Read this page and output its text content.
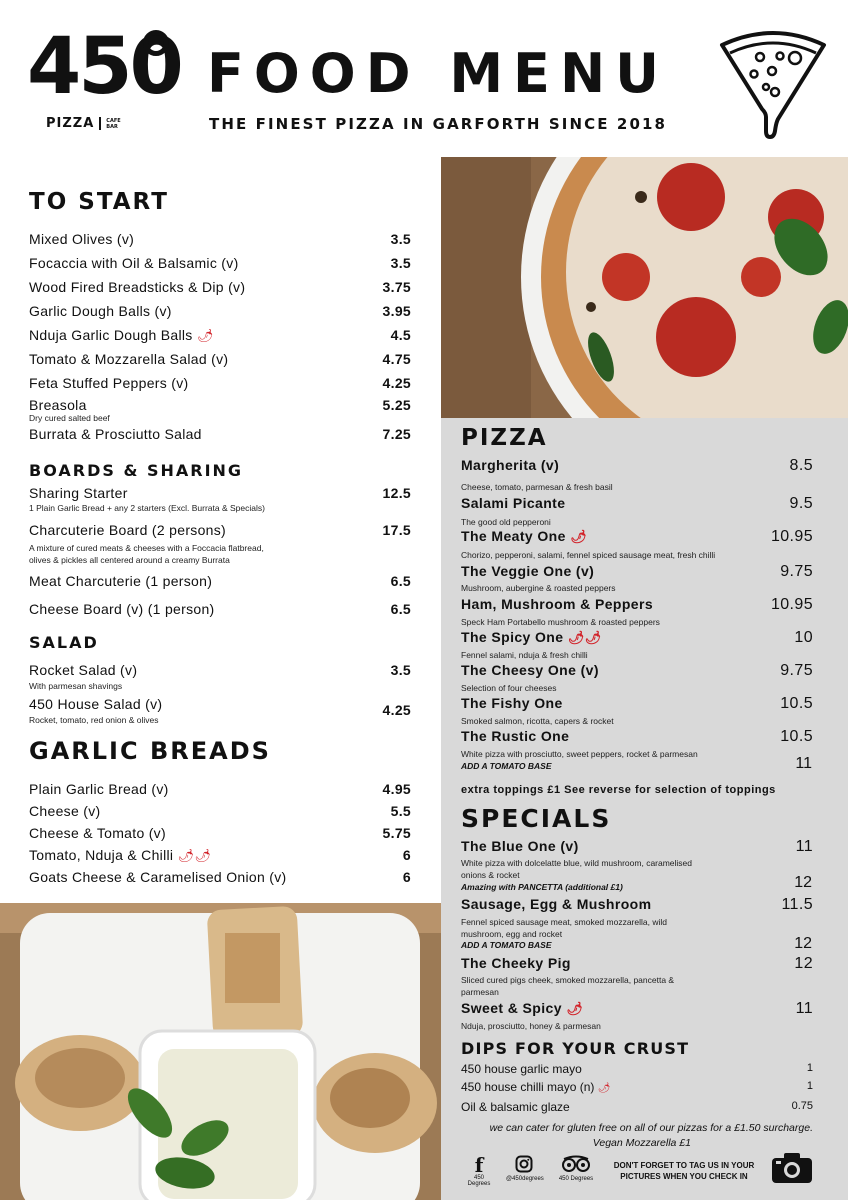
450
PIZZA CAFE BAR
FOOD MENU
THE FINEST PIZZA IN GARFORTH SINCE 2018
TO START
Mixed Olives (v)	3.5
Focaccia with Oil & Balsamic (v)	3.5
Wood Fired Breadsticks & Dip (v)	3.75
Garlic Dough Balls (v)	3.95
Nduja Garlic Dough Balls 🌶	4.5
Tomato & Mozzarella Salad (v)	4.75
Feta Stuffed Peppers (v)	4.25
Breasola	5.25
Dry cured salted beef
Burrata & Prosciutto Salad	7.25
BOARDS & SHARING
Sharing Starter	12.5
1 Plain Garlic Bread + any 2 starters (Excl. Burrata & Specials)
Charcuterie Board (2 persons)	17.5
A mixture of cured meats & cheeses with a Foccacia flatbread,
olives & pickles all centered around a creamy Burrata
Meat Charcuterie (1 person)	6.5
Cheese Board (v) (1 person)	6.5
SALAD
Rocket Salad (v)	3.5
With parmesan shavings
450 House Salad (v)	4.25
Rocket, tomato, red onion & olives
GARLIC BREADS
Plain Garlic Bread (v)	4.95
Cheese (v)	5.5
Cheese & Tomato (v)	5.75
Tomato, Nduja & Chilli 🌶🌶	6
Goats Cheese & Caramelised Onion (v)	6
PIZZA
Margherita (v)	8.5
Cheese, tomato, parmesan & fresh basil
Salami Picante	9.5
The good old pepperoni
The Meaty One 🌶	10.95
Chorizo, pepperoni, salami, fennel spiced sausage meat, fresh chilli
The Veggie One (v)	9.75
Mushroom, aubergine & roasted peppers
Ham, Mushroom & Peppers	10.95
Speck Ham Portabello mushroom & roasted peppers
The Spicy One 🌶🌶	10
Fennel salami, nduja & fresh chilli
The Cheesy One (v)	9.75
Selection of four cheeses
The Fishy One	10.5
Smoked salmon, ricotta, capers & rocket
The Rustic One	10.5
White pizza with prosciutto, sweet peppers, rocket & parmesan
ADD A TOMATO BASE	11
extra toppings £1 See reverse for selection of toppings
SPECIALS
The Blue One (v)	11
White pizza with dolcelatte blue, wild mushroom, caramelised onions & rocket
Amazing with PANCETTA (additional £1)	12
Sausage, Egg & Mushroom	11.5
Fennel spiced sausage meat, smoked mozzarella, wild mushroom, egg and rocket
ADD A TOMATO BASE	12
The Cheeky Pig	12
Sliced cured pigs cheek, smoked mozzarella, pancetta & parmesan
Sweet & Spicy 🌶	11
Nduja, prosciutto, honey & parmesan
DIPS FOR YOUR CRUST
450 house garlic mayo	1
450 house chilli mayo (n) 🌶	1
Oil & balsamic glaze	0.75
we can cater for gluten free on all of our pizzas for a £1.50 surcharge.
Vegan Mozzarella £1
f
450 Degrees
@450degrees	450 Degrees
DON'T FORGET TO TAG US IN YOUR
PICTURES WHEN YOU CHECK IN
